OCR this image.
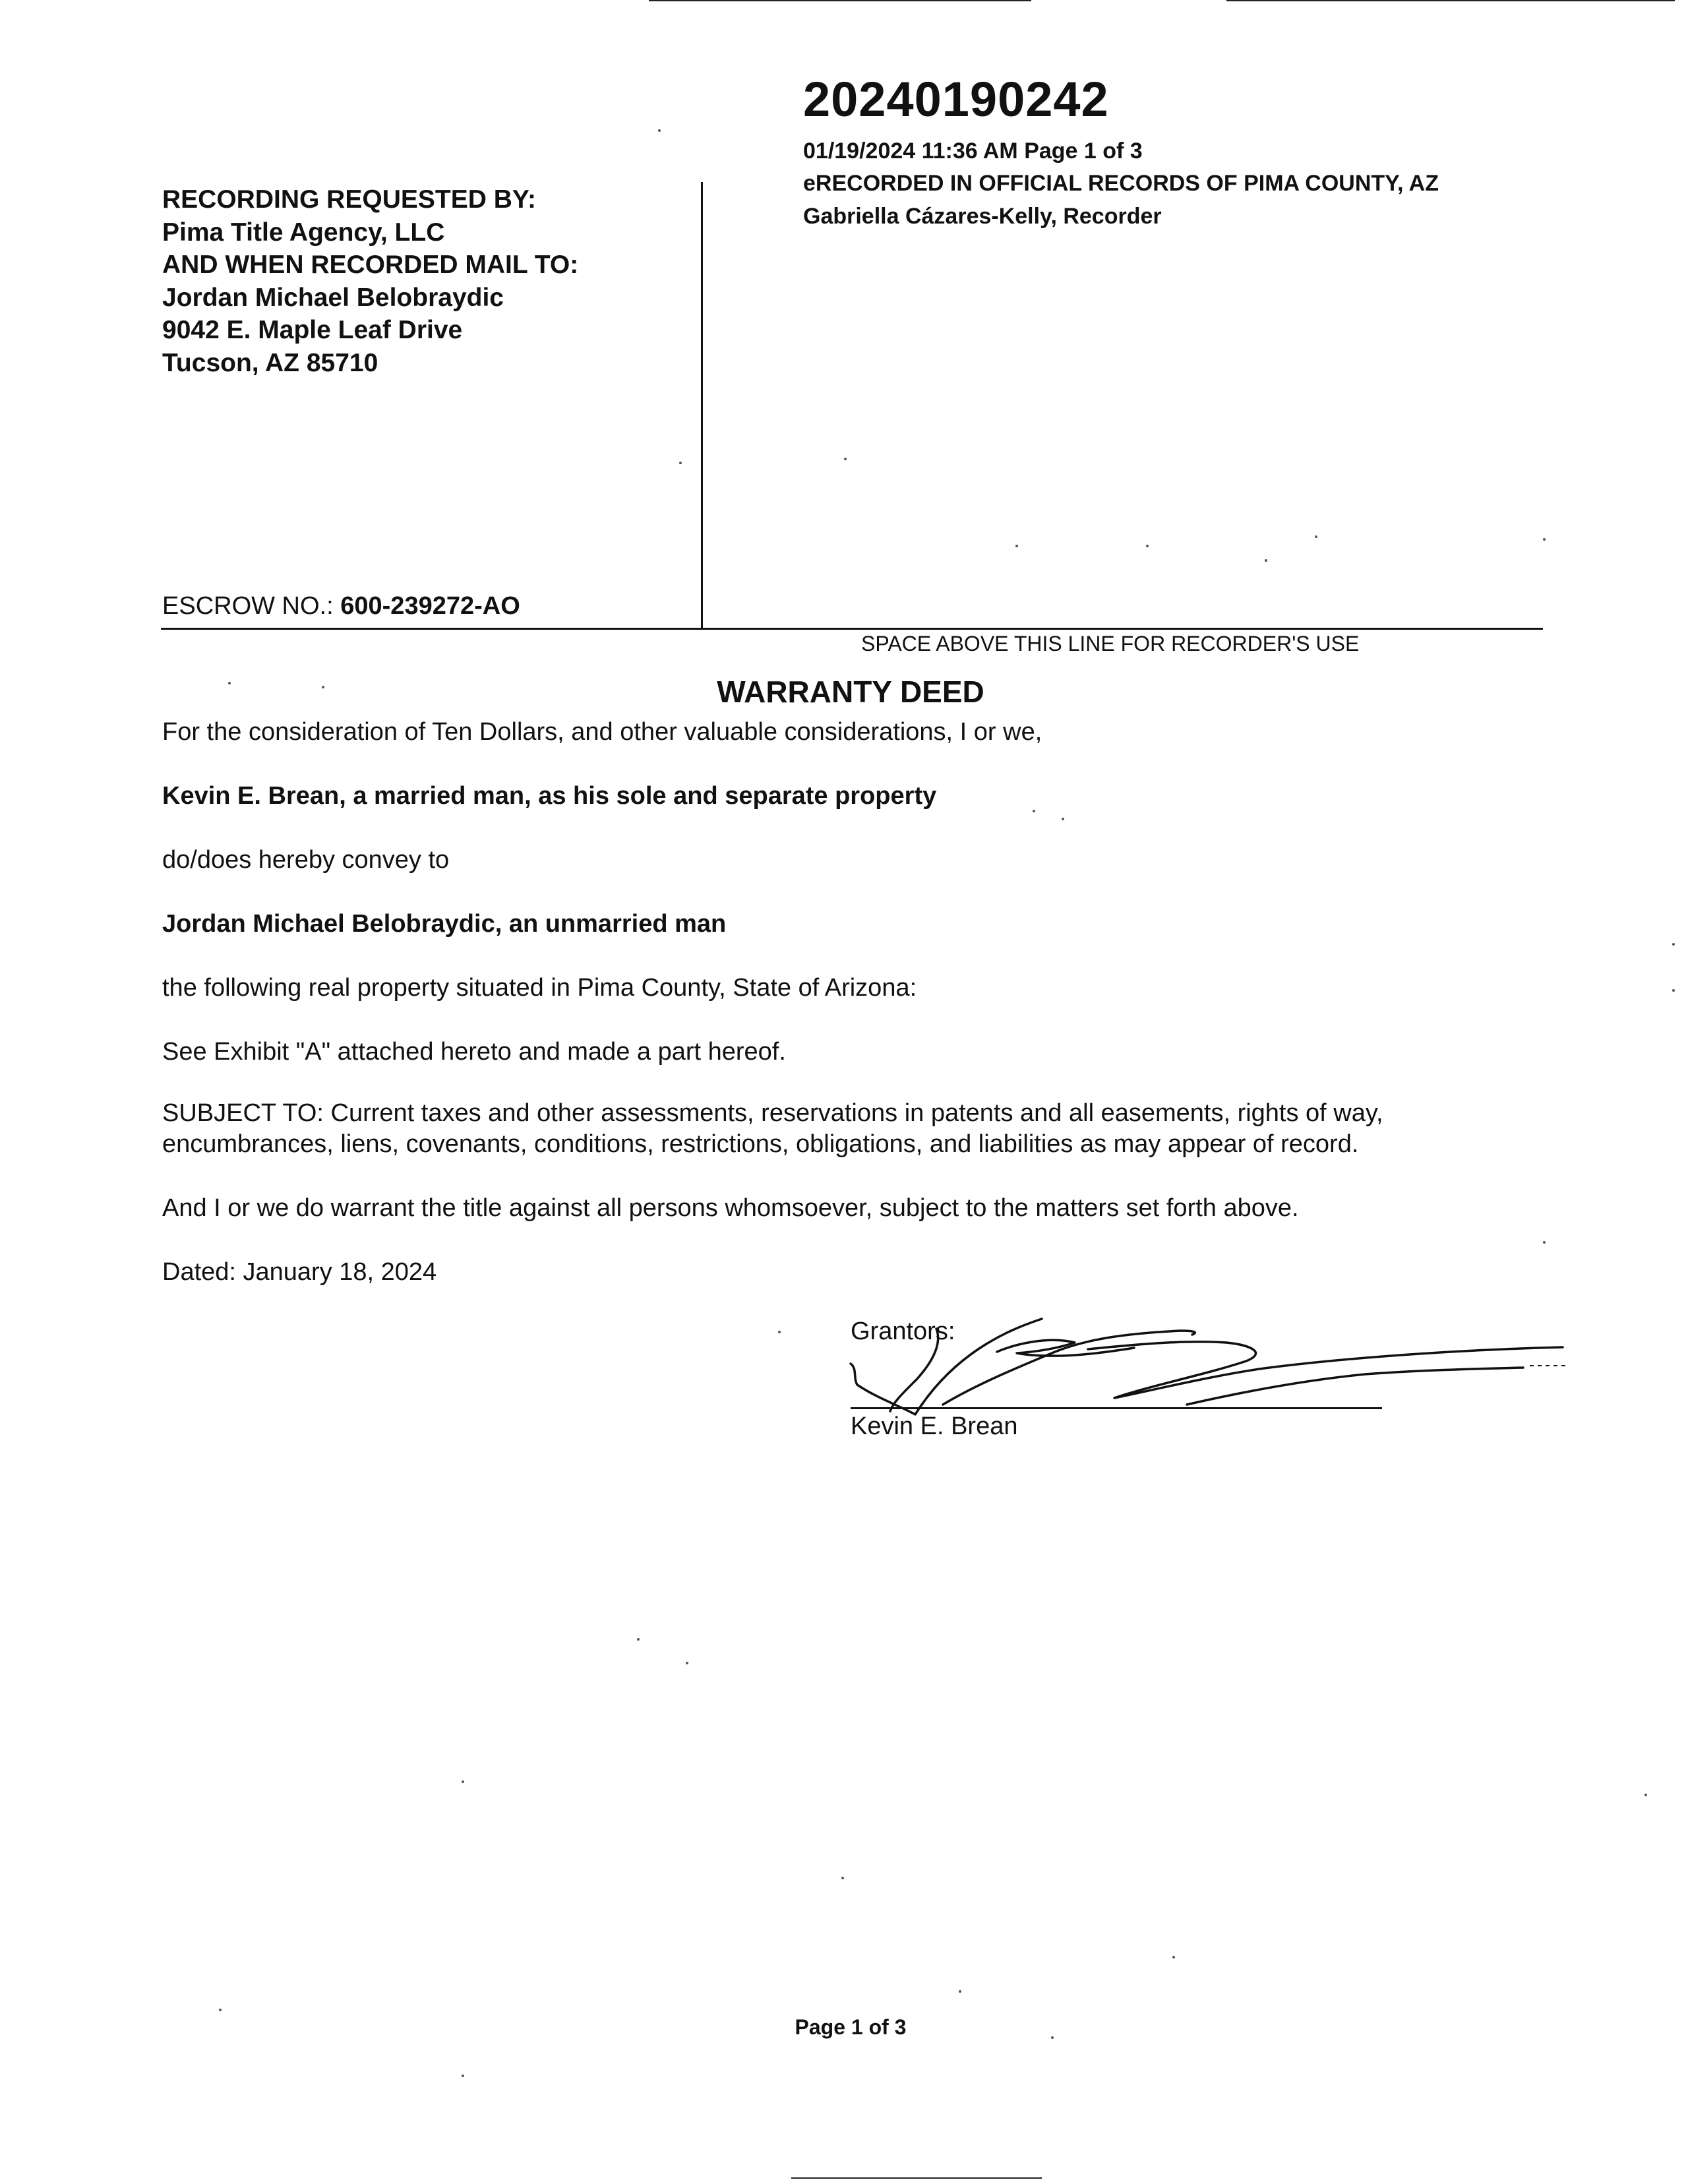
20240190242
01/19/2024 11:36 AM Page 1 of 3
eRECORDED IN OFFICIAL RECORDS OF PIMA COUNTY, AZ
Gabriella Cázares-Kelly, Recorder
RECORDING REQUESTED BY:
Pima Title Agency, LLC
AND WHEN RECORDED MAIL TO:
Jordan Michael Belobraydic
9042 E. Maple Leaf Drive
Tucson, AZ 85710
ESCROW NO.: 600-239272-AO
SPACE ABOVE THIS LINE FOR RECORDER'S USE
WARRANTY DEED
For the consideration of Ten Dollars, and other valuable considerations, I or we,
Kevin E. Brean, a married man, as his sole and separate property
do/does hereby convey to
Jordan Michael Belobraydic, an unmarried man
the following real property situated in Pima County, State of Arizona:
See Exhibit "A" attached hereto and made a part hereof.
SUBJECT TO: Current taxes and other assessments, reservations in patents and all easements, rights of way,
encumbrances, liens, covenants, conditions, restrictions, obligations, and liabilities as may appear of record.
And I or we do warrant the title against all persons whomsoever, subject to the matters set forth above.
Dated: January 18, 2024
Grantors:
Kevin E. Brean
Page 1 of 3
